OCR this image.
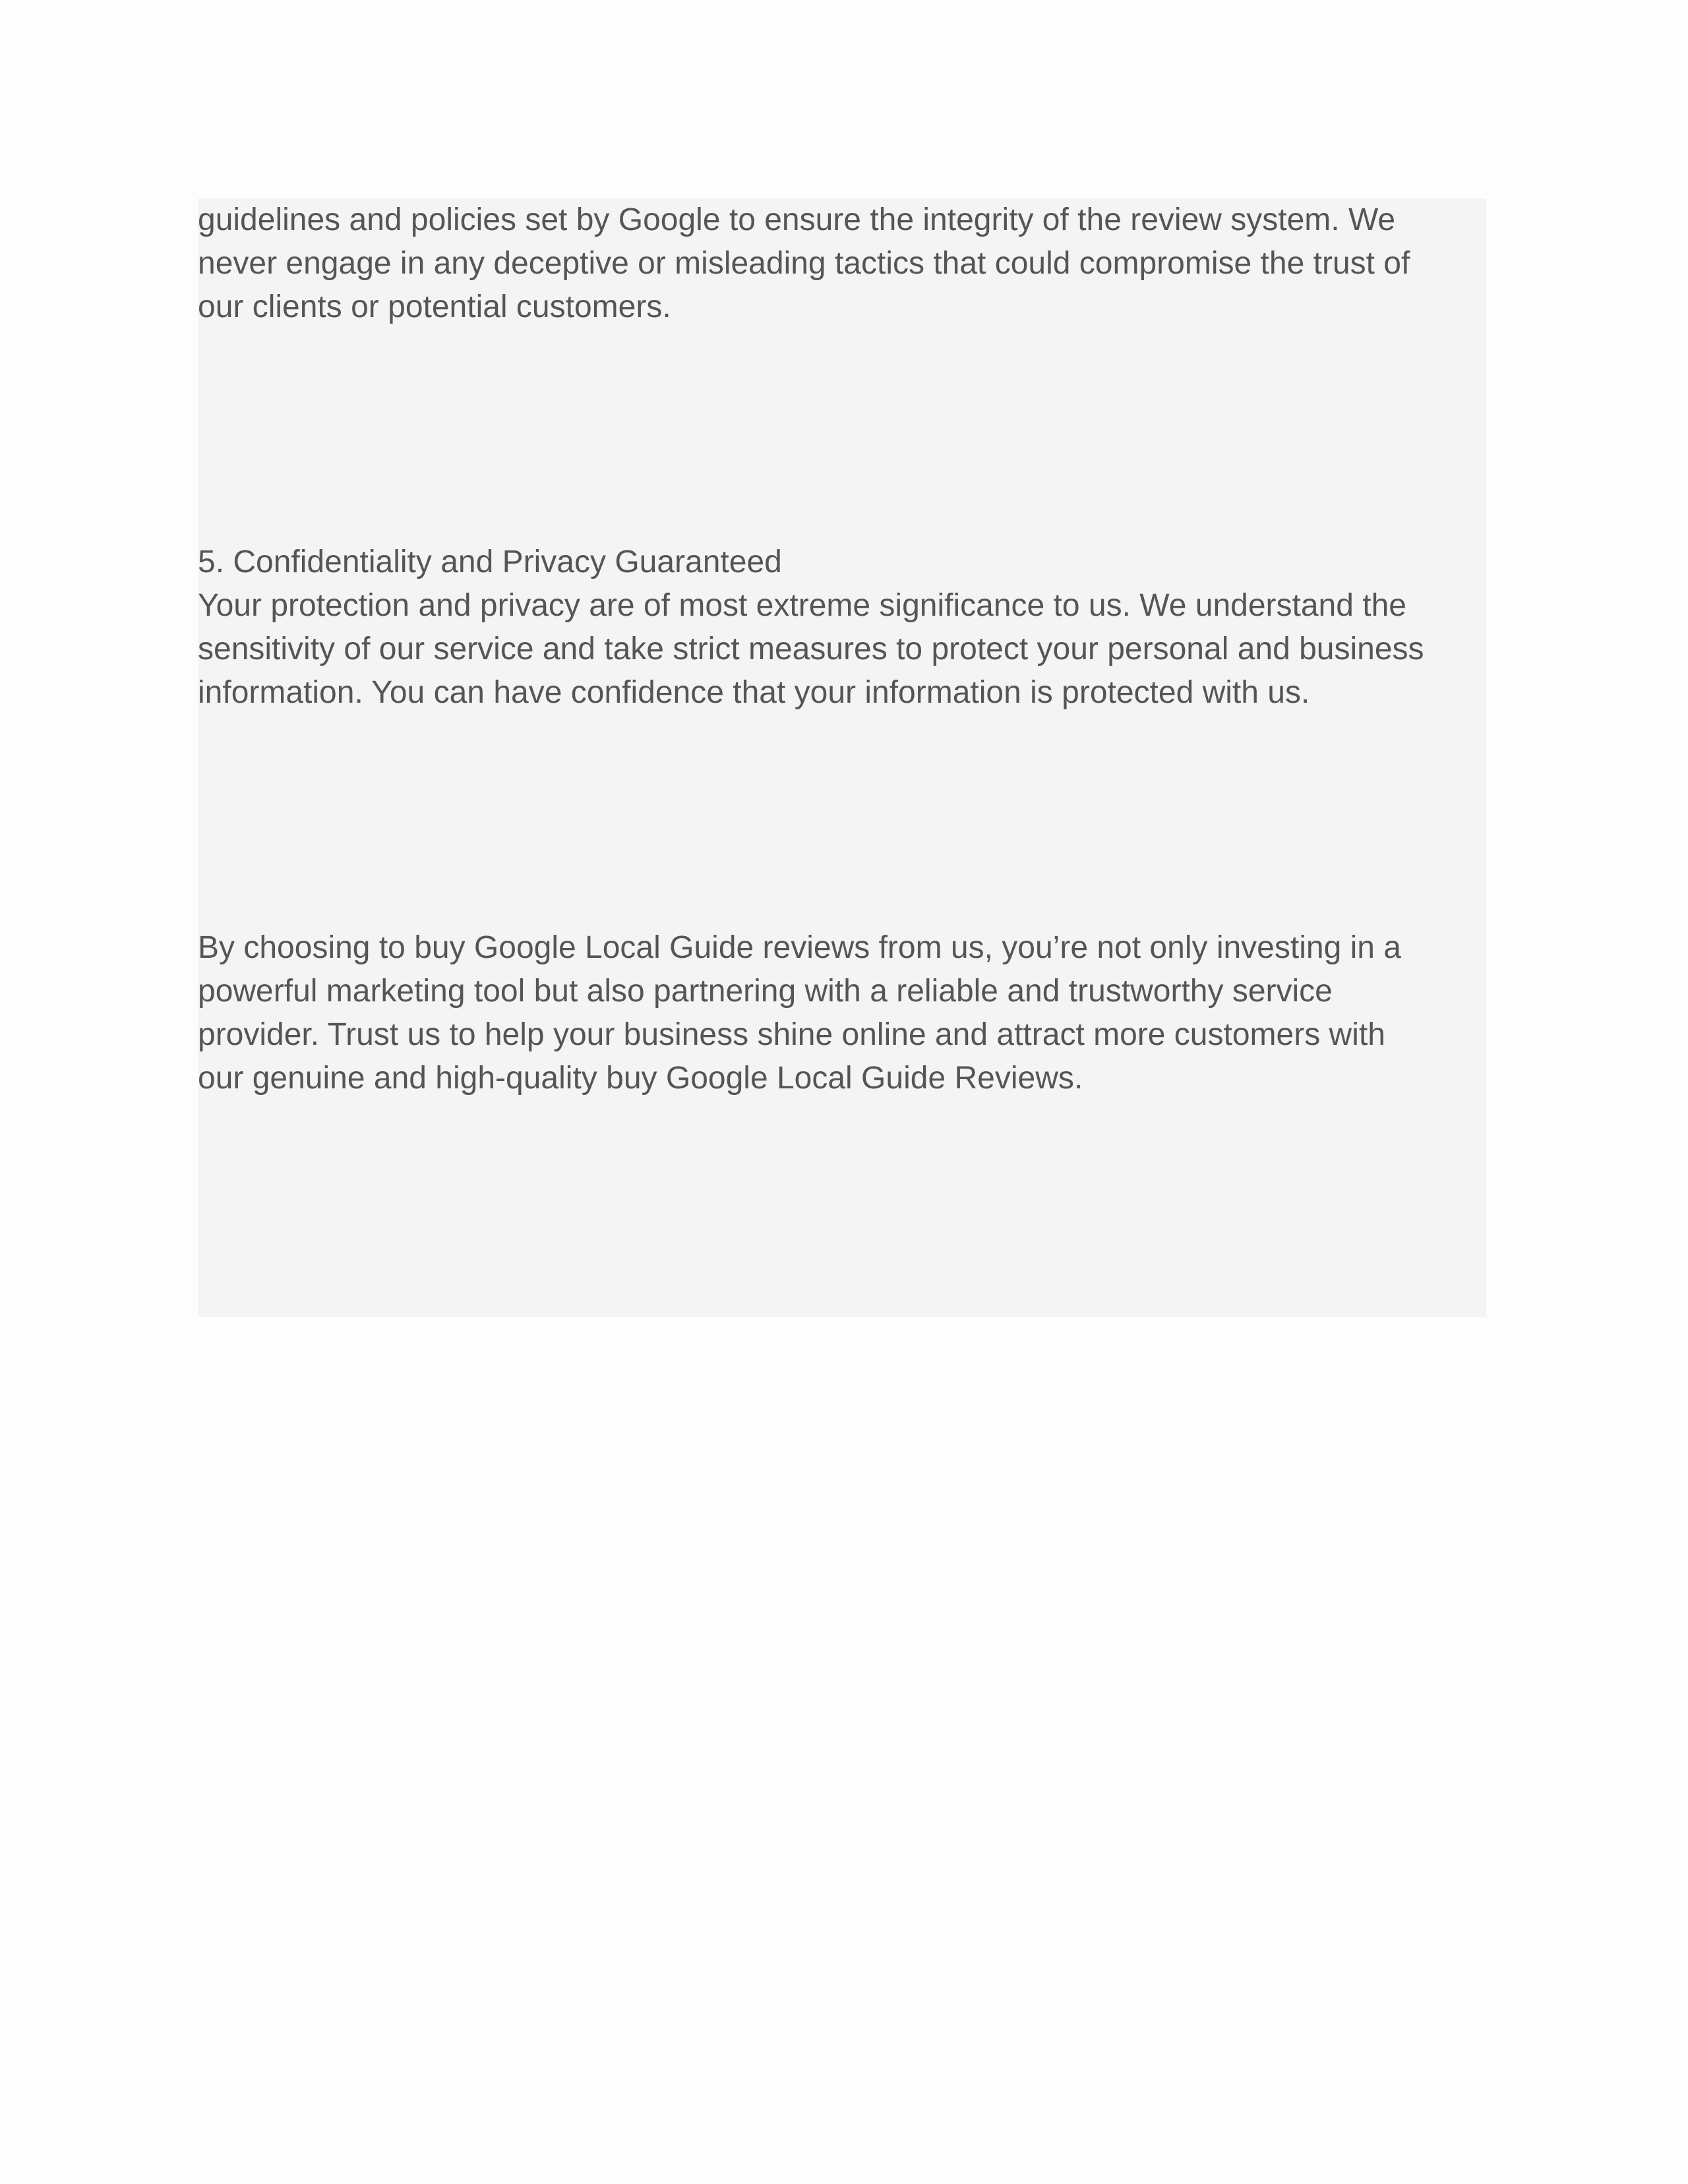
guidelines and policies set by Google to ensure the integrity of the review system. We

never engage in any deceptive or misleading tactics that could compromise the trust of

our clients or potential customers.

5. Confidentiality and Privacy Guaranteed

Your protection and privacy are of most extreme significance to us. We understand the

sensitivity of our service and take strict measures to protect your personal and business

information. You can have confidence that your information is protected with us.

By choosing to buy Google Local Guide reviews from us, you’re not only investing in a

powerful marketing tool but also partnering with a reliable and trustworthy service

provider. Trust us to help your business shine online and attract more customers with

our genuine and high-quality buy Google Local Guide Reviews.
